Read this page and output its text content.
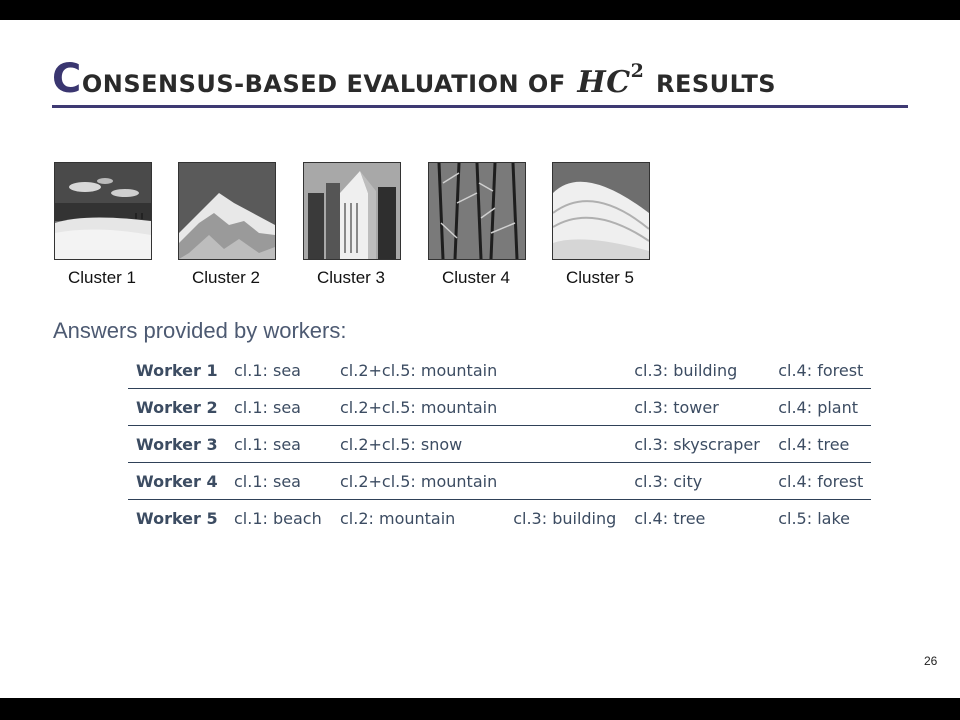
CONSENSUS-BASED EVALUATION OF $HC^2$ RESULTS
Cluster 1	Cluster 2	Cluster 3	Cluster 4	Cluster 5
Answers provided by workers:
Worker 1	cl.1: sea	cl.2+cl.5: mountain		cl.3: building	cl.4: forest
Worker 2	cl.1: sea	cl.2+cl.5: mountain		cl.3: tower	cl.4: plant
Worker 3	cl.1: sea	cl.2+cl.5: snow		cl.3: skyscraper	cl.4: tree
Worker 4	cl.1: sea	cl.2+cl.5: mountain		cl.3: city	cl.4: forest
Worker 5	cl.1: beach	cl.2: mountain	cl.3: building	cl.4: tree	cl.5: lake
26
